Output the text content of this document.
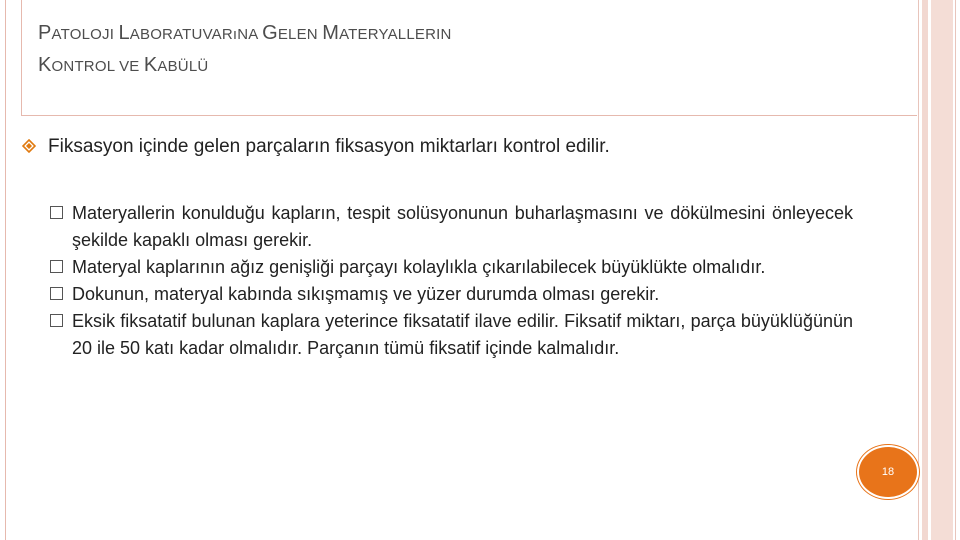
PATOLOJI LABORATUVARıNA GELEN MATERYALLERIN
KONTROL VE KABÜLÜ
Fiksasyon içinde gelen parçaların fiksasyon miktarları kontrol edilir.
Materyallerin konulduğu kapların, tespit solüsyonunun buharlaşmasını ve dökülmesini önleyecek şekilde kapaklı olması gerekir.
Materyal kaplarının ağız genişliği parçayı kolaylıkla çıkarılabilecek büyüklükte olmalıdır.
Dokunun, materyal kabında sıkışmamış ve yüzer durumda olması gerekir.
Eksik fiksatatif bulunan kaplara yeterince fiksatatif ilave edilir. Fiksatif miktarı, parça büyüklüğünün 20 ile 50 katı kadar olmalıdır. Parçanın tümü fiksatif içinde kalmalıdır.
18
